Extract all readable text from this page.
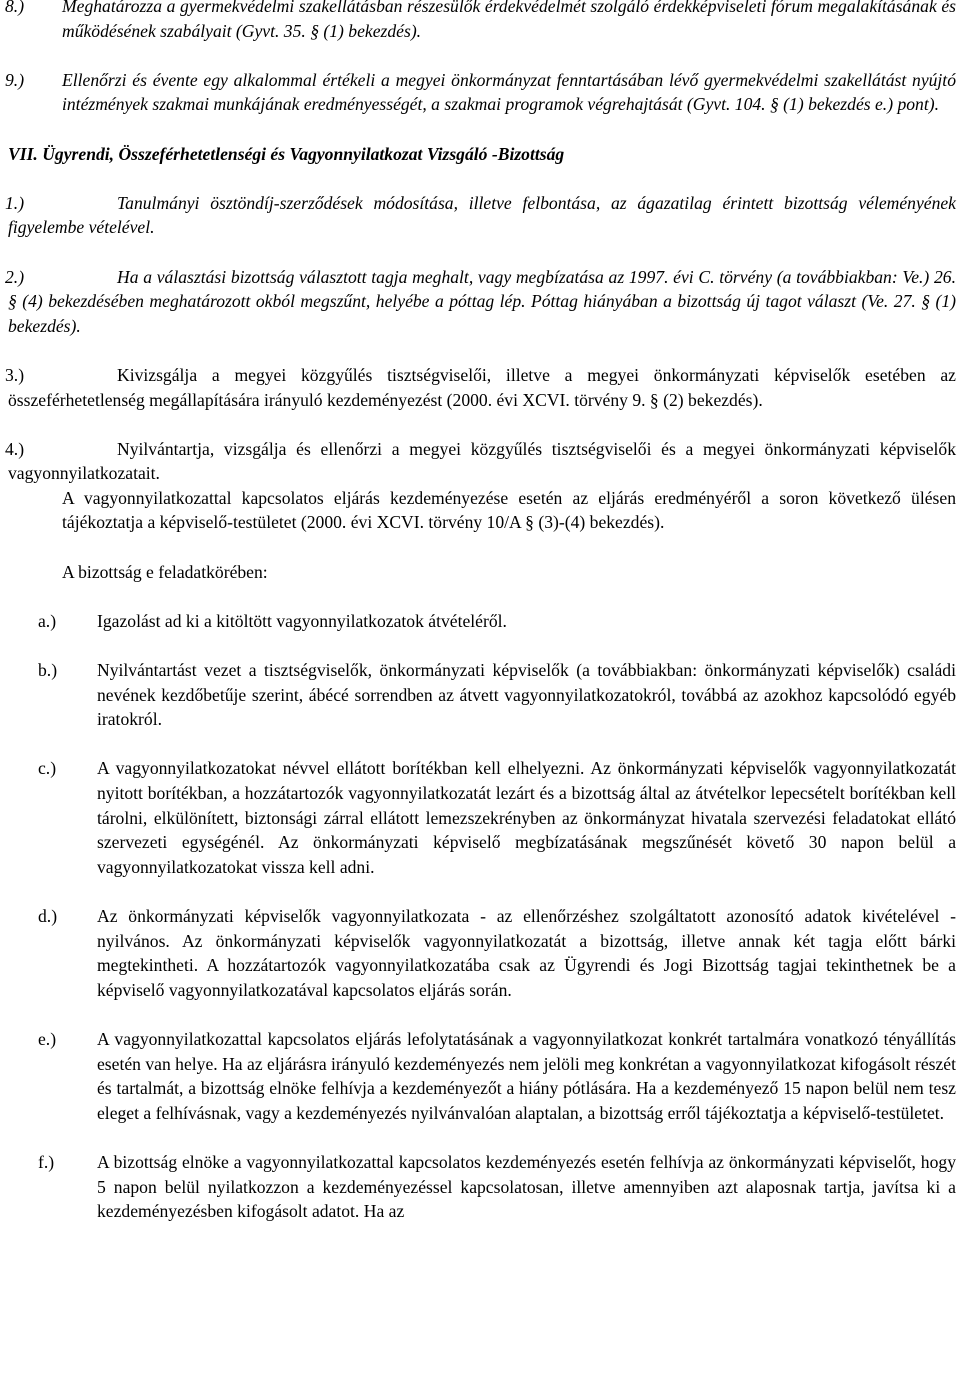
8.) Meghatározza a gyermekvédelmi szakellátásban részesülők érdekvédelmét szolgáló érdekképviseleti fórum megalakításának és működésének szabályait (Gyvt. 35. § (1) bekezdés).

9.) Ellenőrzi és évente egy alkalommal értékeli a megyei önkormányzat fenntartásában lévő gyermekvédelmi szakellátást nyújtó intézmények szakmai munkájának eredményességét, a szakmai programok végrehajtását (Gyvt. 104. § (1) bekezdés e.) pont).

VII. Ügyrendi, Összeférhetetlenségi és Vagyonnyilatkozat Vizsgáló -Bizottság

1.)	Tanulmányi ösztöndíj-szerződések módosítása, illetve felbontása, az ágazatilag érintett bizottság véleményének figyelembe vételével.

2.)	Ha a választási bizottság választott tagja meghalt, vagy megbízatása az 1997. évi C. törvény (a továbbiakban: Ve.) 26. § (4) bekezdésében meghatározott okból megszűnt, helyébe a póttag lép. Póttag hiányában a bizottság új tagot választ (Ve. 27. § (1) bekezdés).

3.)	Kivizsgálja a megyei közgyűlés tisztségviselői, illetve a megyei önkormányzati képviselők esetében az összeférhetetlenség megállapítására irányuló kezdeményezést (2000. évi XCVI. törvény 9. § (2) bekezdés).

4.)	Nyilvántartja, vizsgálja és ellenőrzi a megyei közgyűlés tisztségviselői és a megyei önkormányzati képviselők vagyonnyilatkozatait.

A vagyonnyilatkozattal kapcsolatos eljárás kezdeményezése esetén az eljárás eredményéről a soron következő ülésen tájékoztatja a képviselő-testületet (2000. évi XCVI. törvény 10/A § (3)-(4) bekezdés).

A bizottság e feladatkörében:

a.) Igazolást ad ki a kitöltött vagyonnyilatkozatok átvételéről.

b.) Nyilvántartást vezet a tisztségviselők, önkormányzati képviselők (a továbbiakban: önkormányzati képviselők) családi nevének kezdőbetűje szerint, ábécé sorrendben az átvett vagyonnyilatkozatokról, továbbá az azokhoz kapcsolódó egyéb iratokról.

c.) A vagyonnyilatkozatokat névvel ellátott borítékban kell elhelyezni. Az önkormányzati képviselők vagyonnyilatkozatát nyitott borítékban, a hozzátartozók vagyonnyilatkozatát lezárt és a bizottság által az átvételkor lepecsételt borítékban kell tárolni, elkülönített, biztonsági zárral ellátott lemezszekrényben az önkormányzat hivatala szervezési feladatokat ellátó szervezeti egységénél. Az önkormányzati képviselő megbízatásának megszűnését követő 30 napon belül a vagyonnyilatkozatokat vissza kell adni.

d.) Az önkormányzati képviselők vagyonnyilatkozata - az ellenőrzéshez szolgáltatott azonosító adatok kivételével - nyilvános. Az önkormányzati képviselők vagyonnyilatkozatát a bizottság, illetve annak két tagja előtt bárki megtekintheti. A hozzátartozók vagyonnyilatkozatába csak az Ügyrendi és Jogi Bizottság tagjai tekinthetnek be a képviselő vagyonnyilatkozatával kapcsolatos eljárás során.

e.) A vagyonnyilatkozattal kapcsolatos eljárás lefolytatásának a vagyonnyilatkozat konkrét tartalmára vonatkozó tényállítás esetén van helye. Ha az eljárásra irányuló kezdeményezés nem jelöli meg konkrétan a vagyonnyilatkozat kifogásolt részét és tartalmát, a bizottság elnöke felhívja a kezdeményezőt a hiány pótlására. Ha a kezdeményező 15 napon belül nem tesz eleget a felhívásnak, vagy a kezdeményezés nyilvánvalóan alaptalan, a bizottság erről tájékoztatja a képviselő-testületet.

f.) A bizottság elnöke a vagyonnyilatkozattal kapcsolatos kezdeményezés esetén felhívja az önkormányzati képviselőt, hogy 5 napon belül nyilatkozzon a kezdeményezéssel kapcsolatosan, illetve amennyiben azt alaposnak tartja, javítsa ki a kezdeményezésben kifogásolt adatot. Ha az
